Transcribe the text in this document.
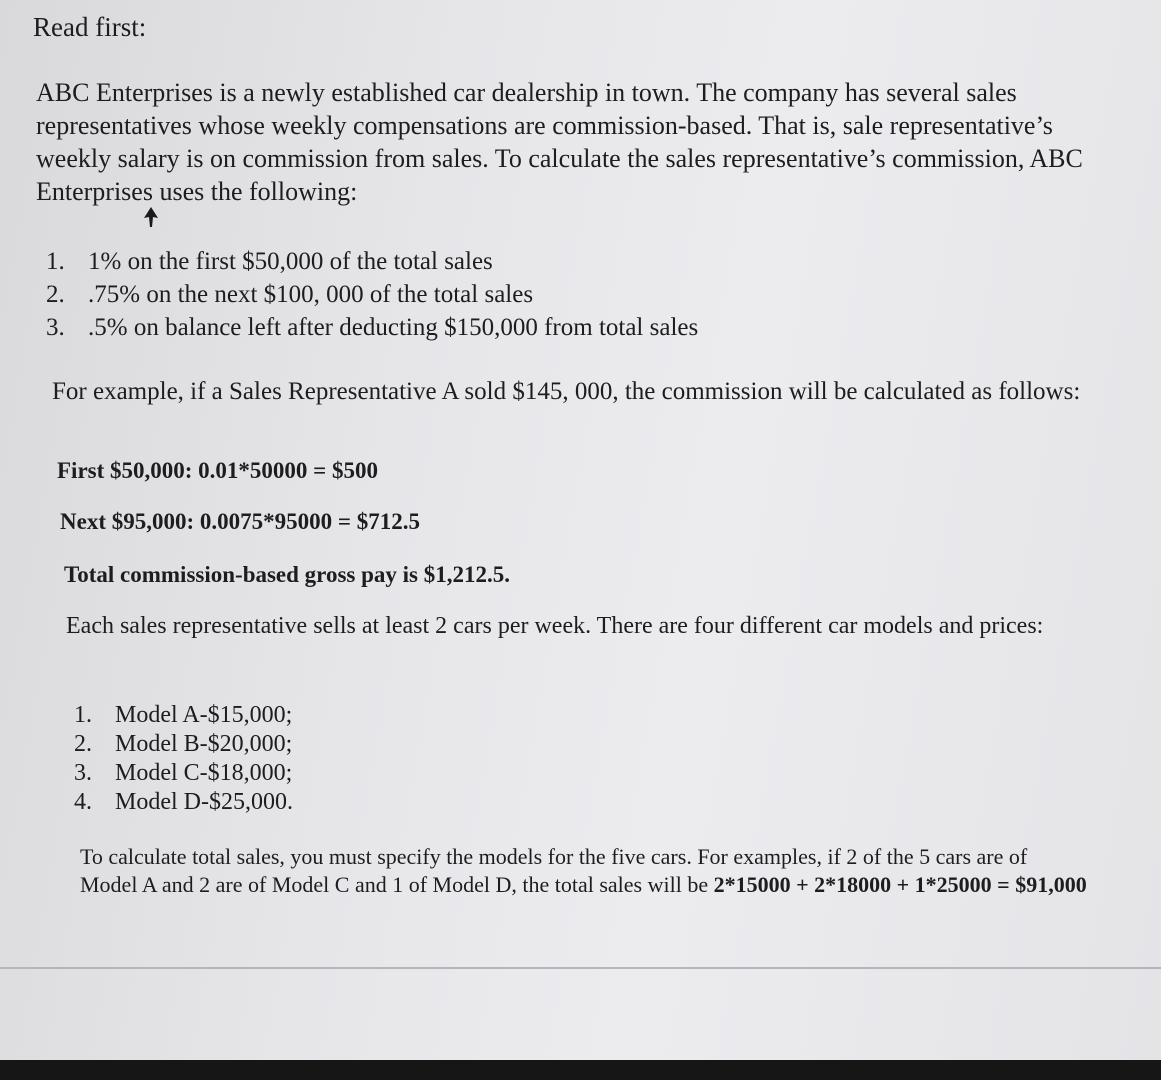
Read first:

ABC Enterprises is a newly established car dealership in town. The company has several sales representatives whose weekly compensations are commission-based. That is, sale representative’s weekly salary is on commission from sales. To calculate the sales representative’s commission, ABC Enterprises uses the following:

1. 1% on the first $50,000 of the total sales
2. .75% on the next $100, 000 of the total sales
3. .5% on balance left after deducting $150,000 from total sales

For example, if a Sales Representative A sold $145, 000, the commission will be calculated as follows:

First $50,000: 0.01*50000 = $500

Next $95,000: 0.0075*95000 = $712.5

Total commission-based gross pay is $1,212.5.

Each sales representative sells at least 2 cars per week. There are four different car models and prices:

1. Model A-$15,000;
2. Model B-$20,000;
3. Model C-$18,000;
4. Model D-$25,000.

To calculate total sales, you must specify the models for the five cars. For examples, if 2 of the 5 cars are of Model A and 2 are of Model C and 1 of Model D, the total sales will be 2*15000 + 2*18000 + 1*25000 = $91,000
